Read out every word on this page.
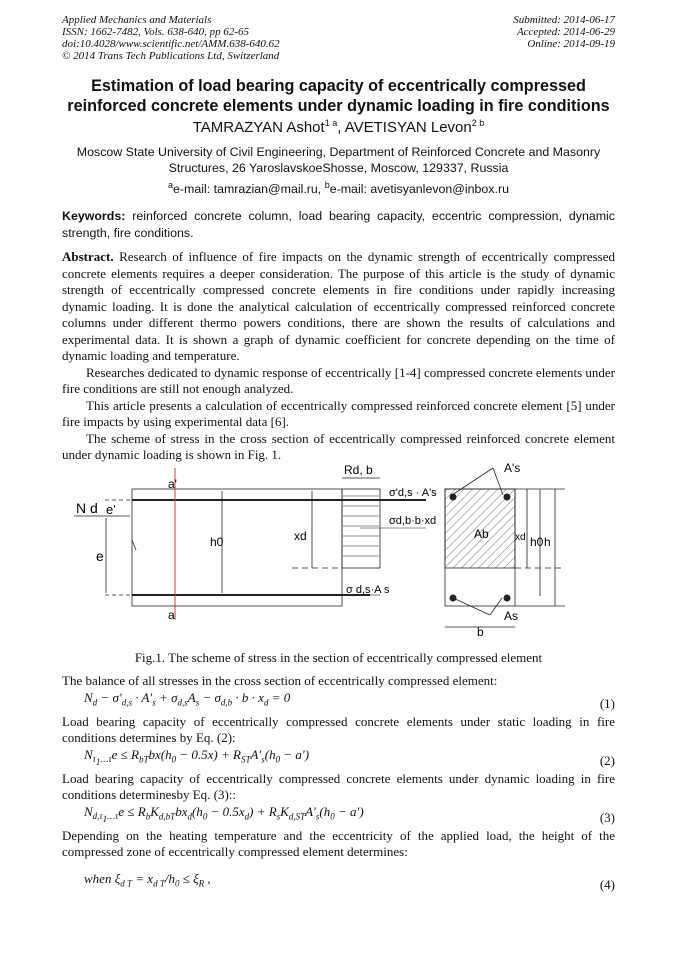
Applied Mechanics and Materials
ISSN: 1662-7482, Vols. 638-640, pp 62-65
doi:10.4028/www.scientific.net/AMM.638-640.62
© 2014 Trans Tech Publications Ltd, Switzerland
Submitted: 2014-06-17
Accepted: 2014-06-29
Online: 2014-09-19
Estimation of load bearing capacity of eccentrically compressed
reinforced concrete elements under dynamic loading in fire conditions
TAMRAZYAN Ashot$^{1 a}$, AVETISYAN Levon$^{2 b}$
Moscow State University of Civil Engineering, Department of Reinforced Concrete and Masonry
Structures, 26 YaroslavskoeShosse, Moscow, 129337, Russia
$^a$e-mail: tamrazian@mail.ru, $^b$e-mail: avetisyanlevon@inbox.ru
Keywords: reinforced concrete column, load bearing capacity, eccentric compression, dynamic strength, fire conditions.

Abstract. Research of influence of fire impacts on the dynamic strength of eccentrically compressed concrete elements requires a deeper consideration. The purpose of this article is the study of dynamic strength of eccentrically compressed concrete elements in fire conditions under rapidly increasing dynamic loading. It is done the analytical calculation of eccentrically compressed reinforced concrete columns under different thermo powers conditions, there are shown the results of calculations and experimental data. It is shown a graph of dynamic coefficient for concrete depending on the time of dynamic loading and temperature.

Researches dedicated to dynamic response of eccentrically [1-4] compressed concrete elements under fire conditions are still not enough analyzed.

This article presents a calculation of eccentrically compressed reinforced concrete element [5] under fire impacts by using experimental data [6].

The scheme of stress in the cross section of eccentrically compressed reinforced concrete element under dynamic loading is shown in Fig. 1.

a'
a
N d e'
e
h0	xd
Rd, b
σ'd,s · A's
σd,b·b·xd
σ d,s·A s
A's
Ab	xd h0 h
As
b
Fig.1. The scheme of stress in the section of eccentrically compressed element

The balance of all stresses in the cross section of eccentrically compressed element:

$N_d - \sigma'_{d,s} \cdot A'_s + \sigma_{d,s}A_s - \sigma_{d,b} \cdot b \cdot x_d = 0$	(1)

Load bearing capacity of eccentrically compressed concrete elements under static loading in fire conditions determines by Eq. (2):

$N_{\tau_1\dots\tau}e \le R_{bT}bx(h_0 - 0.5x) + R_{ST}A'_s(h_0 - a')$	(2)

Load bearing capacity of eccentrically compressed concrete elements under dynamic loading in fire conditions determinesby Eq. (3)::

$N_{d,\tau_1\dots\tau}e \le R_bK_{d,bT}bx_d(h_0 - 0.5x_d) + R_sK_{d,ST}A'_s(h_0 - a')$	(3)

Depending on the heating temperature and the eccentricity of the applied load, the height of the compressed zone of eccentrically compressed element determines:

when $\xi_{d T} = x_{d T}/h_0 \le \xi_R$ ,	(4)
